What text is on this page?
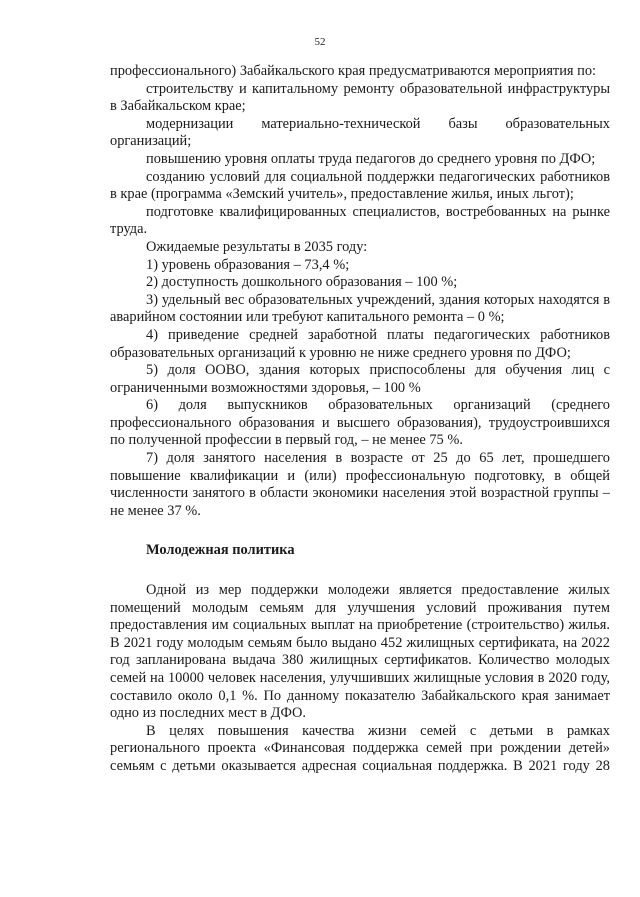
52

профессионального) Забайкальского края предусматриваются мероприятия по:

строительству и капитальному ремонту образовательной инфраструктуры в Забайкальском крае;

модернизации материально-технической базы образовательных организаций;

повышению уровня оплаты труда педагогов до среднего уровня по ДФО;

созданию условий для социальной поддержки педагогических работников в крае (программа «Земский учитель», предоставление жилья, иных льгот);

подготовке квалифицированных специалистов, востребованных на рынке труда.

Ожидаемые результаты в 2035 году:

1) уровень образования – 73,4 %;

2) доступность дошкольного образования – 100 %;

3) удельный вес образовательных учреждений, здания которых находятся в аварийном состоянии или требуют капитального ремонта – 0 %;

4) приведение средней заработной платы педагогических работников образовательных организаций к уровню не ниже среднего уровня по ДФО;

5) доля ООВО, здания которых приспособлены для обучения лиц с ограниченными возможностями здоровья, – 100 %

6) доля выпускников образовательных организаций (среднего профессионального образования и высшего образования), трудоустроившихся по полученной профессии в первый год, – не менее 75 %.

7) доля занятого населения в возрасте от 25 до 65 лет, прошедшего повышение квалификации и (или) профессиональную подготовку, в общей численности занятого в области экономики населения этой возрастной группы – не менее 37 %.

Молодежная политика

Одной из мер поддержки молодежи является предоставление жилых помещений молодым семьям для улучшения условий проживания путем предоставления им социальных выплат на приобретение (строительство) жилья. В 2021 году молодым семьям было выдано 452 жилищных сертификата, на 2022 год запланирована выдача 380 жилищных сертификатов. Количество молодых семей на 10000 человек населения, улучшивших жилищные условия в 2020 году, составило около 0,1 %. По данному показателю Забайкальского края занимает одно из последних мест в ДФО.

В целях повышения качества жизни семей с детьми в рамках регионального проекта «Финансовая поддержка семей при рождении детей» семьям с детьми оказывается адресная социальная поддержка. В 2021 году 28
